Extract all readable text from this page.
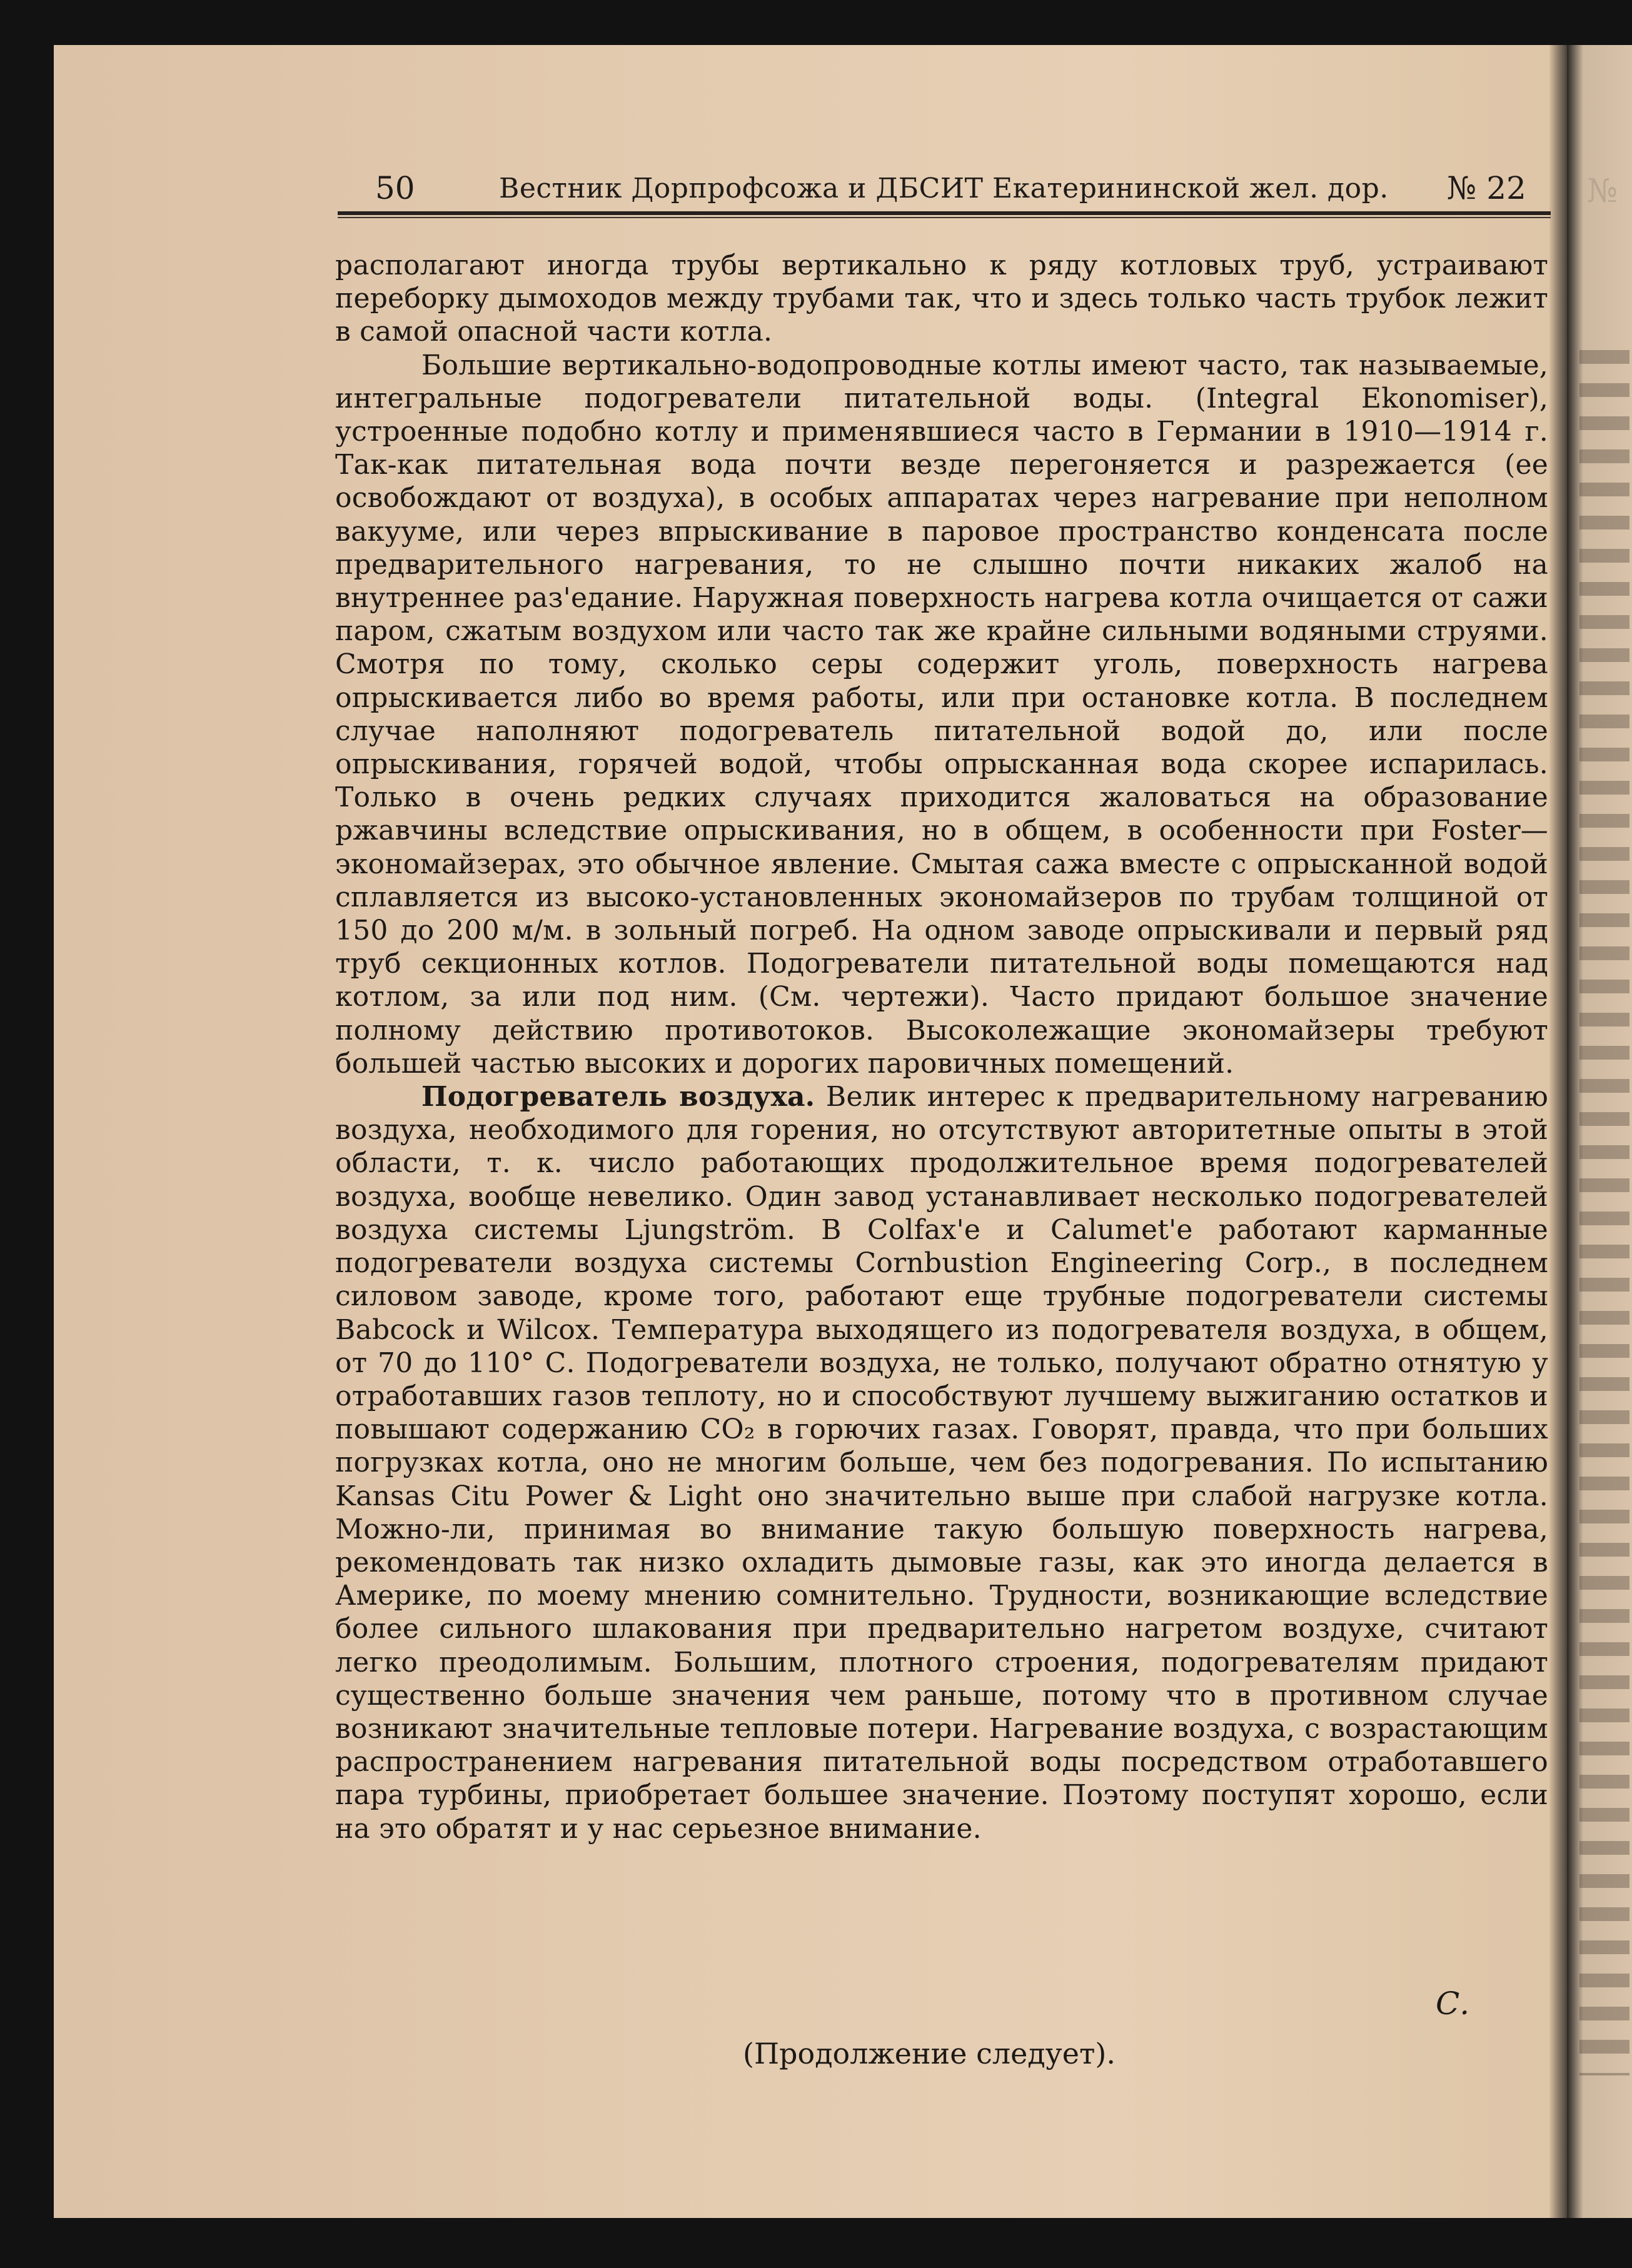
№
50	Вестник Дорпрофсожа и ДБСИТ Екатерининской жел. дор. № 22

располагают иногда трубы вертикально к ряду котловых труб, устраивают переборку дымоходов между трубами так, что и здесь только часть трубок лежит в самой опасной части котла.

Большие вертикально-водопроводные котлы имеют часто, так называемые, интегральные подогреватели питательной воды. (Integral Ekonomiser), устроенные подобно котлу и применявшиеся часто в Германии в 1910—1914 г. Так-как питательная вода почти везде перегоняется и разрежается (ее освобождают от воздуха), в особых аппаратах через нагревание при неполном вакууме, или через впрыскивание в паровое пространство конденсата после предварительного нагревания, то не слышно почти никаких жалоб на внутреннее раз'едание. Наружная поверхность нагрева котла очищается от сажи паром, сжатым воздухом или часто так же крайне сильными водяными струями. Смотря по тому, сколько серы содержит уголь, поверхность нагрева опрыскивается либо во время работы, или при остановке котла. В последнем случае наполняют подогреватель питательной водой до, или после опрыскивания, горячей водой, чтобы опрысканная вода скорее испарилась. Только в очень редких случаях приходится жаловаться на образование ржавчины вследствие опрыскивания, но в общем, в особенности при Foster—экономайзерах, это обычное явление. Смытая сажа вместе с опрысканной водой сплавляется из высоко-установленных экономайзеров по трубам толщиной от 150 до 200 м/м. в зольный погреб. На одном заводе опрыскивали и первый ряд труб секционных котлов. Подогреватели питательной воды помещаются над котлом, за или под ним. (См. чертежи). Часто придают большое значение полному действию противотоков. Высоколежащие экономайзеры требуют большей частью высоких и дорогих паровичных помещений.

Подогреватель воздуха. Велик интерес к предварительному нагреванию воздуха, необходимого для горения, но отсутствуют авторитетные опыты в этой области, т. к. число работающих продолжительное время подогревателей воздуха, вообще невелико. Один завод устанавливает несколько подогревателей воздуха системы Ljungström. В Colfax'e и Calumet'e работают карманные подогреватели воздуха системы Cornbustion Engineering Corp., в последнем силовом заводе, кроме того, работают еще трубные подогреватели системы Babcock и Wilcox. Температура выходящего из подогревателя воздуха, в общем, от 70 до 110° С. Подогреватели воздуха, не только, получают обратно отнятую у отработавших газов теплоту, но и способствуют лучшему выжиганию остатков и повышают содержанию CO₂ в горючих газах. Говорят, правда, что при больших погрузках котла, оно не многим больше, чем без подогревания. По испытанию Kansas Citu Power & Light оно значительно выше при слабой нагрузке котла. Можно-ли, принимая во внимание такую большую поверхность нагрева, рекомендовать так низко охладить дымовые газы, как это иногда делается в Америке, по моему мнению сомнительно. Трудности, возникающие вследствие более сильного шлакования при предварительно нагретом воздухе, считают легко преодолимым. Большим, плотного строения, подогревателям придают существенно больше значения чем раньше, потому что в противном случае возникают значительные тепловые потери. Нагревание воздуха, с возрастающим распространением нагревания питательной воды посредством отработавшего пара турбины, приобретает большее значение. Поэтому поступят хорошо, если на это обратят и у нас серьезное внимание.

С.
(Продолжение следует).
